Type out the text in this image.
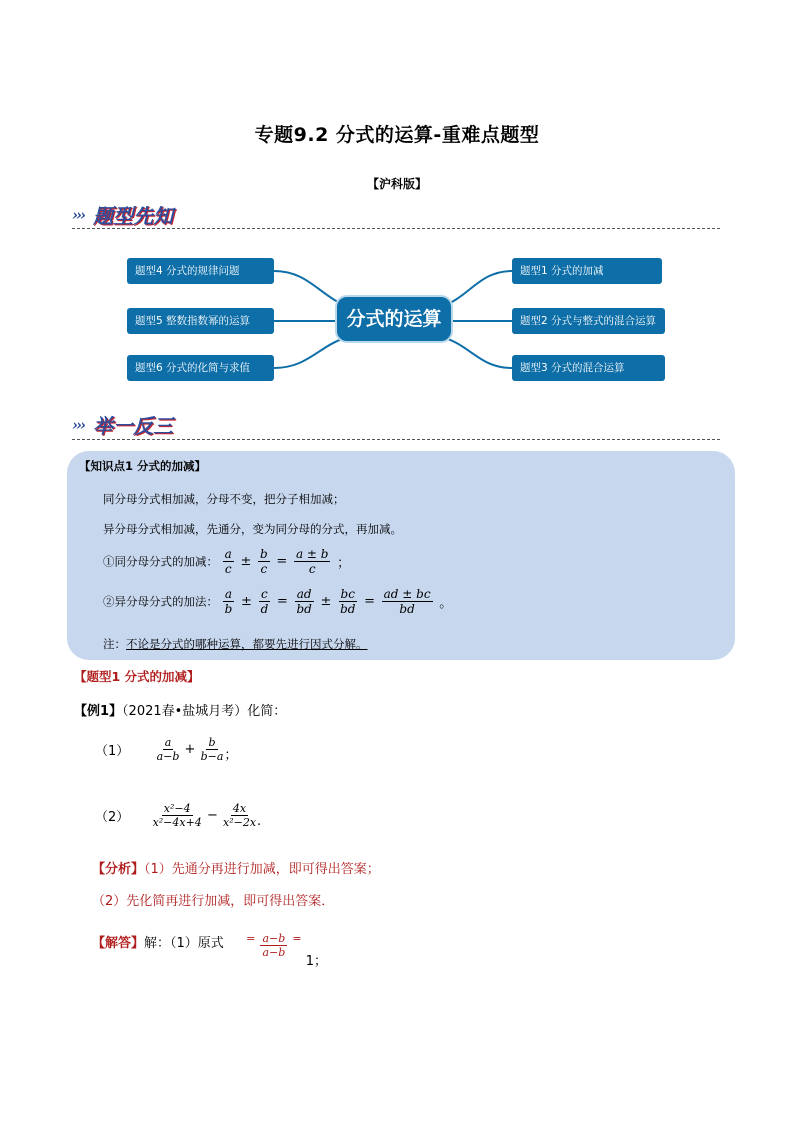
专题9.2 分式的运算-重难点题型
【沪科版】
››› 题型先知
题型4 分式的规律问题
题型5 整数指数幂的运算
题型6 分式的化简与求值
分式的运算
题型1 分式的加减
题型2 分式与整式的混合运算
题型3 分式的混合运算
››› 举一反三
【知识点1 分式的加减】
同分母分式相加减，分母不变，把分子相加减；
异分母分式相加减，先通分，变为同分母的分式，再加减。
①同分母分式的加减： $\frac{a}{c} \pm \frac{b}{c} = \frac{a \pm b}{c}$ ；
②异分母分式的加法： $\frac{a}{b} \pm \frac{c}{d} = \frac{ad}{bd} \pm \frac{bc}{bd} = \frac{ad \pm bc}{bd}$ 。
注：不论是分式的哪种运算，都要先进行因式分解。
【题型1 分式的加减】
【例1】（2021春•盐城月考）化简：
$(1) \frac{a}{a-b} + \frac{b}{b-a}$ ；
$(2) \frac{\text{x²−4}}{\text{x²−4x+4}} - \frac{4x}{\text{x²−2x}}$ .
【分析】（1）先通分再进行加减，即可得出答案；
（2）先化简再进行加减，即可得出答案．
【解答】解：（1）原式 $^= \frac{a-b}{a-b} ^=$ 1；
